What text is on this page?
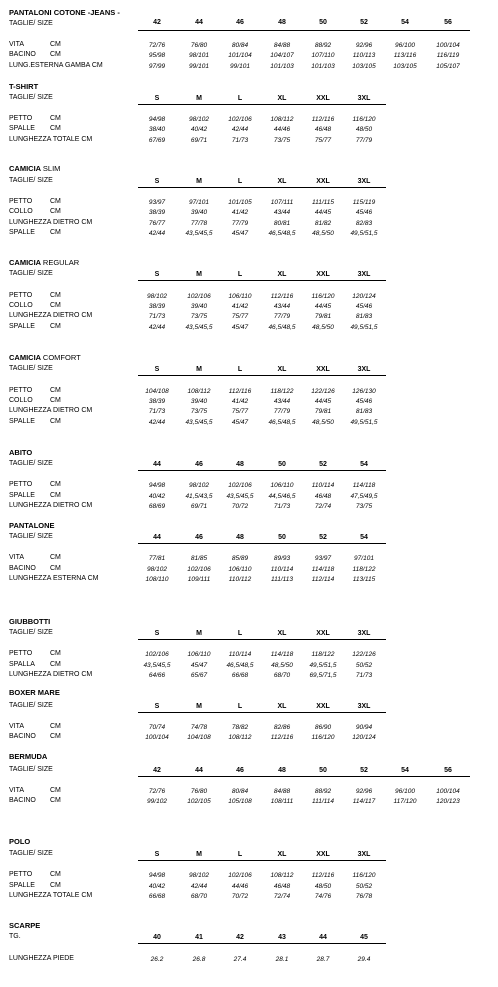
PANTALONI COTONE -JEANS -
TAGLIE/ SIZE	42	44	46	48	50	52	54	56
VITA	CM	72/76	76/80	80/84	84/88	88/92	92/96	96/100	100/104
BACINO CM	95/98	98/101	101/104	104/107	107/110	110/113	113/116	116/119
LUNG.ESTERNA GAMBA CM	97/99	99/101	99/101	101/103	101/103	103/105	103/105	105/107
T-SHIRT
TAGLIE/ SIZE	S	M	L	XL	XXL	3XL
PETTO	CM	94/98	98/102	102/106	108/112	112/116	116/120
SPALLE CM	38/40	40/42	42/44	44/46	46/48	48/50
LUNGHEZZA TOTALE CM	67/69	69/71	71/73	73/75	75/77	77/79
CAMICIA SLIM
TAGLIE/ SIZE	S	M	L	XL	XXL	3XL
PETTO	CM	93/97	97/101	101/105	107/111	111/115	115/119
COLLO CM	38/39	39/40	41/42	43/44	44/45	45/46
LUNGHEZZA DIETRO CM	76/77	77/78	77/79	80/81	81/82	82/83
SPALLE CM	42/44	43,5/45,5	45/47	46,5/48,5	48,5/50	49,5/51,5
CAMICIA REGULAR
TAGLIE/ SIZE	S	M	L	XL	XXL	3XL
PETTO	CM	98/102	102/106	106/110	112/116	116/120	120/124
COLLO CM	38/39	39/40	41/42	43/44	44/45	45/46
LUNGHEZZA DIETRO CM	71/73	73/75	75/77	77/79	79/81	81/83
SPALLE CM	42/44	43,5/45,5	45/47	46,5/48,5	48,5/50	49,5/51,5
CAMICIA COMFORT
TAGLIE/ SIZE	S	M	L	XL	XXL	3XL
PETTO	CM	104/108	108/112	112/116	118/122	122/126	126/130
COLLO CM	38/39	39/40	41/42	43/44	44/45	45/46
LUNGHEZZA DIETRO CM	71/73	73/75	75/77	77/79	79/81	81/83
SPALLE CM	42/44	43,5/45,5	45/47	46,5/48,5	48,5/50	49,5/51,5
ABITO
TAGLIE/ SIZE	44	46	48	50	52	54
PETTO	CM	94/98	98/102	102/106	106/110	110/114	114/118
SPALLE CM	40/42	41,5/43,5	43,5/45,5	44,5/46,5	46/48	47,5/49,5
LUNGHEZZA DIETRO CM	68/69	69/71	70/72	71/73	72/74	73/75
PANTALONE
TAGLIE/ SIZE	44	46	48	50	52	54
VITA	CM	77/81	81/85	85/89	89/93	93/97	97/101
BACINO CM	98/102	102/106	106/110	110/114	114/118	118/122
LUNGHEZZA ESTERNA CM	108/110	109/111	110/112	111/113	112/114	113/115
GIUBBOTTI
TAGLIE/ SIZE	S	M	L	XL	XXL	3XL
PETTO	CM	102/106	106/110	110/114	114/118	118/122	122/126
SPALLA CM	43,5/45,5	45/47	46,5/48,5	48,5/50	49,5/51,5	50/52
LUNGHEZZA DIETRO CM	64/66	65/67	66/68	68/70	69,5/71,5	71/73
BOXER MARE
TAGLIE/ SIZE	S	M	L	XL	XXL	3XL
VITA	CM	70/74	74/78	78/82	82/86	86/90	90/94
BACINO CM	100/104	104/108	108/112	112/116	116/120	120/124
BERMUDA
TAGLIE/ SIZE	42	44	46	48	50	52	54	56
VITA	CM	72/76	76/80	80/84	84/88	88/92	92/96	96/100	100/104
BACINO CM	99/102	102/105	105/108	108/111	111/114	114/117	117/120	120/123
POLO
TAGLIE/ SIZE	S	M	L	XL	XXL	3XL
PETTO	CM	94/98	98/102	102/106	108/112	112/116	116/120
SPALLE CM	40/42	42/44	44/46	46/48	48/50	50/52
LUNGHEZZA TOTALE CM	66/68	68/70	70/72	72/74	74/76	76/78
SCARPE
TG.	40	41	42	43	44	45
LUNGHEZZA PIEDE	26.2	26.8	27.4	28.1	28.7	29.4
